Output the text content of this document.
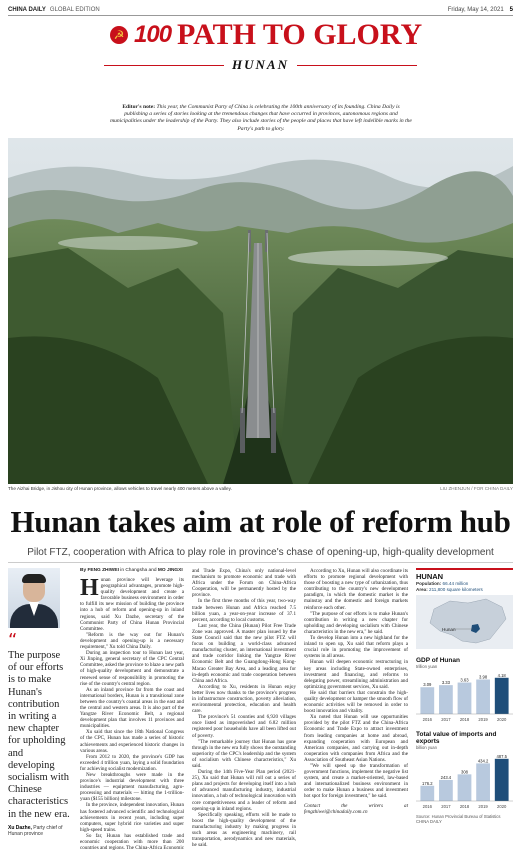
CHINA DAILY GLOBAL EDITION	Friday, May 14, 2021 5
☭ 100 PATH TO GLORY
HUNAN
Editor's note: This year, the Communist Party of China is celebrating the 100th anniversary of its founding. China Daily is publishing a series of stories looking at the tremendous changes that have occurred in provinces, autonomous regions and municipalities under the leadership of the Party. They also include stories of the people and places that have left indelible marks in the Party's path to glory.
The Aizhai Bridge, in Jishou city of Hunan province, allows vehicles to travel nearly 400 meters above a valley.	LIU ZHENJUN / FOR CHINA DAILY
Hunan takes aim at role of reform hub
Pilot FTZ, cooperation with Africa to play role in province's chase of opening-up, high-quality development
“
The purpose of our efforts is to make Hunan's contribution in writing a new chapter for upholding and developing socialism with Chinese characteristics in the new era.
Xu Dazhe, Party chief of Hunan province
By FENG ZHIWEI in Changsha and MO JINGXI

Hunan province will leverage its geographical advantages, promote high-quality development and create a favorable business environment in order to fulfill its new mission of building the province into a hub of reform and opening-up in inland regions, said Xu Dazhe, secretary of the Communist Party of China Hunan Provincial Committee.

"Reform is the way out for Hunan's development and opening-up is a necessary requirement," Xu told China Daily.

During an inspection tour to Hunan last year, Xi Jinping, general secretary of the CPC Central Committee, asked the province to blaze a new path of high-quality development and demonstrate a renewed sense of responsibility in promoting the rise of the country's central region.

As an inland province far from the coast and international borders, Hunan is a transitional zone between the country's coastal areas in the east and the central and western areas. It is also part of the Yangtze River Economic Belt, a regional development plan that involves 11 provinces and municipalities.

Xu said that since the 18th National Congress of the CPC, Hunan has made a series of historic achievements and experienced historic changes in various areas.

From 2012 to 2020, the province's GDP has exceeded 4 trillion yuan, laying a solid foundation for achieving socialist modernization.

New breakthroughs were made in the province's industrial development with three industries — equipment manufacturing, agro-processing and materials — hitting the 1-trillion-yuan ($155 billion) milestone.

In the province, independent innovation, Hunan has fostered advanced scientific and technological achievements in recent years, including super computers, super hybrid rice varieties and super high-speed trains.

So far, Hunan has established trade and economic cooperation with more than 200 countries and regions. The China-Africa Economic and Trade Expo, China's only national-level mechanism to promote economic and trade with Africa under the Forum on China-Africa Cooperation, will be permanently hosted by the province.

In the first three months of this year, two-way trade between Hunan and Africa reached 7.5 billion yuan, a year-on-year increase of 37.1 percent, according to local customs.

Last year, the China (Hunan) Pilot Free Trade Zone was approved. A master plan issued by the State Council said that the new pilot FTZ will focus on building a world-class advanced manufacturing cluster, an international investment and trade corridor linking the Yangtze River Economic Belt and the Guangdong-Hong Kong-Macao Greater Bay Area, and a leading area for in-depth economic and trade cooperation between China and Africa.

According to Xu, residents in Hunan enjoy better lives now thanks to the province's progress in infrastructure construction, poverty alleviation, environmental protection, education and health care.

The province's 51 counties and 6,920 villages once listed as impoverished and 6.82 million registered poor households have all been lifted out of poverty.

"The remarkable journey that Hunan has gone through in the new era fully shows the outstanding superiority of the CPC's leadership and the system of socialism with Chinese characteristics," Xu said.

During the 14th Five-Year Plan period (2021-25), Xu said that Hunan will roll out a series of plans and projects for developing itself into a hub of advanced manufacturing industry, industrial innovation, a hub of technological innovation with core competitiveness and a leader of reform and opening-up in inland regions.

Specifically speaking, efforts will be made to boost the high-quality development of the manufacturing industry by making progress in such areas as engineering machinery, rail transportation, aerodynamics and new materials, he said.

According to Xu, Hunan will also coordinate its efforts to promote regional development with those of boosting a new type of urbanization, thus contributing to the country's new development paradigm, in which the domestic market is the mainstay and the domestic and foreign markets reinforce each other.

"The purpose of our efforts is to make Hunan's contribution in writing a new chapter for upholding and developing socialism with Chinese characteristics in the new era," he said.

To develop Hunan into a new highland for the inland to open up, Xu said that reform plays a crucial role in promoting the improvement of systems in all areas.

Hunan will deepen economic restructuring in key areas including State-owned enterprises, investment and financing, and reforms to delegating power, streamlining administration and optimizing government services, Xu said.

He said that barriers that constrain the high-quality development or hamper the smooth flow of economic activities will be removed in order to boost innovation and vitality.

Xu noted that Hunan will use opportunities provided by the pilot FTZ and the China-Africa Economic and Trade Expo to attract investment from leading companies at home and abroad, expanding cooperation with European and American companies, and carrying out in-depth cooperation with companies from Africa and the Association of Southeast Asian Nations.

"We will speed up the transformation of government functions, implement the negative list system, and create a market-oriented, law-based and internationalized business environment in order to make Hunan a business and investment hot spot for foreign investment," he said.

Contact the writers at fengzhiwei@chinadaily.com.cn

HUNAN
Population: 66.44 million
Area: 211,800 square kilometers
Hunan
GDP of Hunan
trillion yuan
3.09
2016
3.33
2017
3.63
2018
3.98
2019
4.18
2020
Total value of imports and exports
billion yuan
176.2
2016
243.4
2017
308
2018
434.2
2019
487.5
2020
Source: Hunan Provincial Bureau of Statistics
CHINA DAILY
